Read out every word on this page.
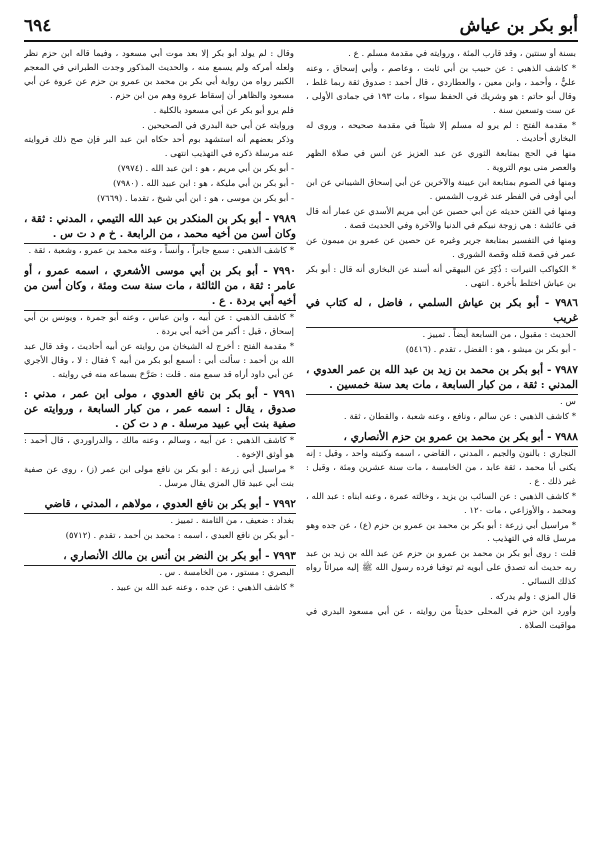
٦٩٤	أبو بكر بن عياش

بسنة أو سنتين ، وقد قارب المئة ، وروايته في مقدمة مسلم . ع .

* كاشف الذهبي : عن حبيب بن أبي ثابت ، وعاصم ، وأبي إسحاق ، وعنه عليٌّ ، وأحمد ، وابن معين ، والعطاردي ، قال أحمد : صدوق ثقة ربما غلط ، وقال أبو حاتم : هو وشريك في الحفظ سواء ، مات ١٩٣ في جمادى الأولى ، عن ست وتسعين سنة .

* مقدمة الفتح : لم يرو له مسلم إلا شيئاً في مقدمة صحيحه ، وروى له البخاري أحاديث .

منها في الحج بمتابعة الثوري عن عبد العزيز عن أنس في صلاة الظهر والعصر منى يوم التروية .

ومنها في الصوم بمتابعة ابن عيينة والآخرين عن أبي إسحاق الشيباني عن ابن أبي أوفى في الفطر عند غروب الشمس .

ومنها في الفتن حديثه عن أبي حصين عن أبي مريم الأسدي عن عمار أنه قال في عائشة : هي زوجة نبيكم في الدنيا والآخرة وفي الحديث قصة .

ومنها في التفسير بمتابعة جرير وغيره عن حصين عن عمرو بن ميمون عن عمر في قصة قتله وقصة الشورى .

* الكواكب النيرات : ذُكِرَ عن البيهقي أنه أسند عن البخاري أنه قال : أبو بكر بن عياش اختلط بأخرة . انتهى .

٧٩٨٦ - أبو بكر بن عياش السلمي ، فاضل ، له كتاب في غريب

الحديث : مقبول ، من السابعة أيضاً . تمييز .

- أبو بكر بن ميشو ، هو : الفضل ، تقدم . (٥٤١٦)

٧٩٨٧ - أبو بكر بن محمد بن زيد بن عبد الله بن عمر العدوي ، المدني : ثقة ، من كبار السابعة ، مات بعد سنة خمسين .

س .

* كاشف الذهبي : عن سالم ، ونافع ، وعنه شعبة ، والقطان ، ثقة .

٧٩٨٨ - أبو بكر بن محمد بن عمرو بن حزم الأنصاري ،

النجاري : بالنون والجيم ، المدني ، القاضي ، اسمه وكنيته واحد ، وقيل : إنه يكنى أبا محمد ، ثقة عابد ، من الخامسة ، مات سنة عشرين ومئة ، وقيل : غير ذلك . ع .

* كاشف الذهبي : عن السائب بن يزيد ، وخالته عمرة ، وعنه ابناه : عبد الله ، ومحمد ، والأوزاعي ، مات ١٢٠ .

* مراسيل أبي زرعة : أبو بكر بن محمد بن عمرو بن حزم (ع) ، عن جده وهو مرسل قاله في التهذيب .

قلت : روى أبو بكر بن محمد بن عمرو بن حزم عن عبد الله بن زيد بن عبد ربه حديث أنه تصدق على أبويه ثم توفيا فرده رسول الله ﷺ إليه ميراثاً رواه كذلك النسائي .

قال المزي : ولم يدركه .

وأورد ابن حزم في المحلى حديثاً من روايته ، عن أبي مسعود البدري في مواقيت الصلاة .

وقال : لم يولد أبو بكر إلا بعد موت أبي مسعود ، وفيما قاله ابن حزم نظر ولعله أمركه ولم يسمع منه ، والحديث المذكور وجدت الطبراني في المعجم الكبير رواه من رواية أبي بكر بن محمد بن عمرو بن حزم عن عروة عن أبي مسعود والظاهر أن إسقاط عروة وهم من ابن حزم .

فلم يرو أبو بكر عن أبي مسعود بالكلية .

وروايته عن أبي حبة البدري في الصحيحين .

وذكر بعضهم أنه استشهد بوم أحد حكاه ابن عبد البر فإن صح ذلك فروايته عنه مرسلة ذكره في التهذيب انتهى .

- أبو بكر بن أبي مريم ، هو : ابن عبد الله . (٧٩٧٤)

- أبو بكر بن أبي مليكة ، هو : ابن عبيد الله . (٧٩٨٠)

- أبو بكر بن موسى ، هو : ابن أبي شيخ ، تقدما . (٧٦٦٩)

٧٩٨٩ - أبو بكر بن المنكدر بن عبد الله التيمي ، المدني : ثقة ، وكان أسن من أخيه محمد ، من الرابعة . خ م د ت س .

* كاشف الذهبي : سمع جابراً ، وأنساً ، وعنه محمد بن عمرو ، وشعبة ، ثقة .

٧٩٩٠ - أبو بكر بن أبي موسى الأشعري ، اسمه عمرو ، أو عامر : ثقة ، من الثالثة ، مات سنة ست ومئة ، وكان أسن من أخيه أبي بردة . ع .

* كاشف الذهبي : عن أبيه ، وابن عباس ، وعنه أبو جمرة ، ويونس بن أبي إسحاق ، قيل : أكبر من أخيه أبي بردة .

* مقدمة الفتح : أخرج له الشيخان من روايته عن أبيه أحاديث ، وقد قال عبد الله بن أحمد : سألت أبي : أسمع أبو بكر من أبيه ؟ فقال : لا ، وقال الأجري عن أبي داود أراه قد سمع منه . قلت : صَرَّحَ بسماعه منه في روايته .

٧٩٩١ - أبو بكر بن نافع العدوي ، مولى ابن عمر ، مدني : صدوق ، يقال : اسمه عمر ، من كبار السابعة ، وروايته عن صفية بنت أبي عبيد مرسلة . م د ت كن .

* كاشف الذهبي : عن أبيه ، وسالم ، وعنه مالك ، والدراوردي ، قال أحمد : هو أوثق الإخوة .

* مراسيل أبي زرعة : أبو بكر بن نافع مولى ابن عمر (ز) ، روى عن صفية بنت أبي عبيد قال المزي يقال مرسل .

٧٩٩٢ - أبو بكر بن نافع العدوي ، مولاهم ، المدني ، قاضي

بغداد : ضعيف ، من الثامنة . تمييز .

- أبو بكر بن نافع العبدي ، اسمه : محمد بن أحمد ، تقدم . (٥٧١٢)

٧٩٩٣ - أبو بكر بن النضر بن أنس بن مالك الأنصاري ،

البصري : مستور ، من الخامسة . س .

* كاشف الذهبي : عن جده ، وعنه عبد الله بن عبيد .
